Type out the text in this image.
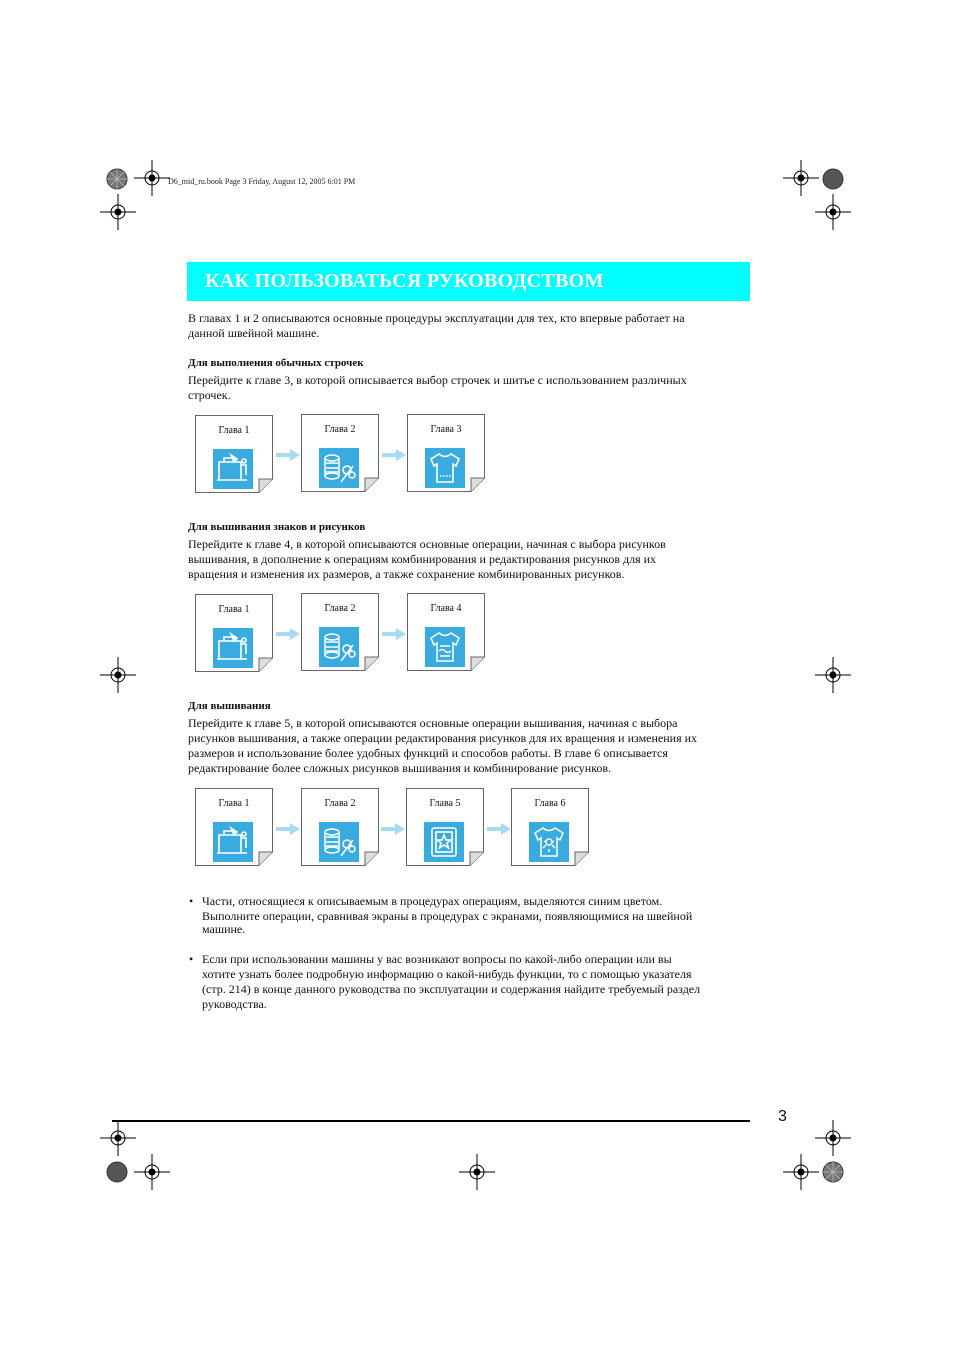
D6_mid_ru.book Page 3 Friday, August 12, 2005 6:01 PM
КАК ПОЛЬЗОВАТЬСЯ РУКОВОДСТВОМ
В главах 1 и 2 описываются основные процедуры эксплуатации для тех, кто впервые работает на
данной швейной машине.
Для выполнения обычных строчек
Перейдите к главе 3, в которой описывается выбор строчек и шитье с использованием различных
строчек.
Для вышивания знаков и рисунков
Перейдите к главе 4, в которой описываются основные операции, начиная с выбора рисунков
вышивания, в дополнение к операциям комбинирования и редактирования рисунков для их
вращения и изменения их размеров, а также сохранение комбинированных рисунков.
Для вышивания
Перейдите к главе 5, в которой описываются основные операции вышивания, начиная с выбора
рисунков вышивания, а также операции редактирования рисунков для их вращения и изменения их
размеров и использование более удобных функций и способов работы. В главе 6 описывается
редактирование более сложных рисунков вышивания и комбинирование рисунков.
• Части, относящиеся к описываемым в процедурах операциям, выделяются синим цветом.
Выполните операции, сравнивая экраны в процедурах с экранами, появляющимися на швейной
машине.
• Если при использовании машины у вас возникают вопросы по какой-либо операции или вы
хотите узнать более подробную информацию о какой-нибудь функции, то с помощью указателя
(стр. 214) в конце данного руководства по эксплуатации и содержания найдите требуемый раздел
руководства.
Глава 1	Глава 2	Глава 3
Глава 1	Глава 2	Глава 4
Глава 1	Глава 2	Глава 5	Глава 6
3
